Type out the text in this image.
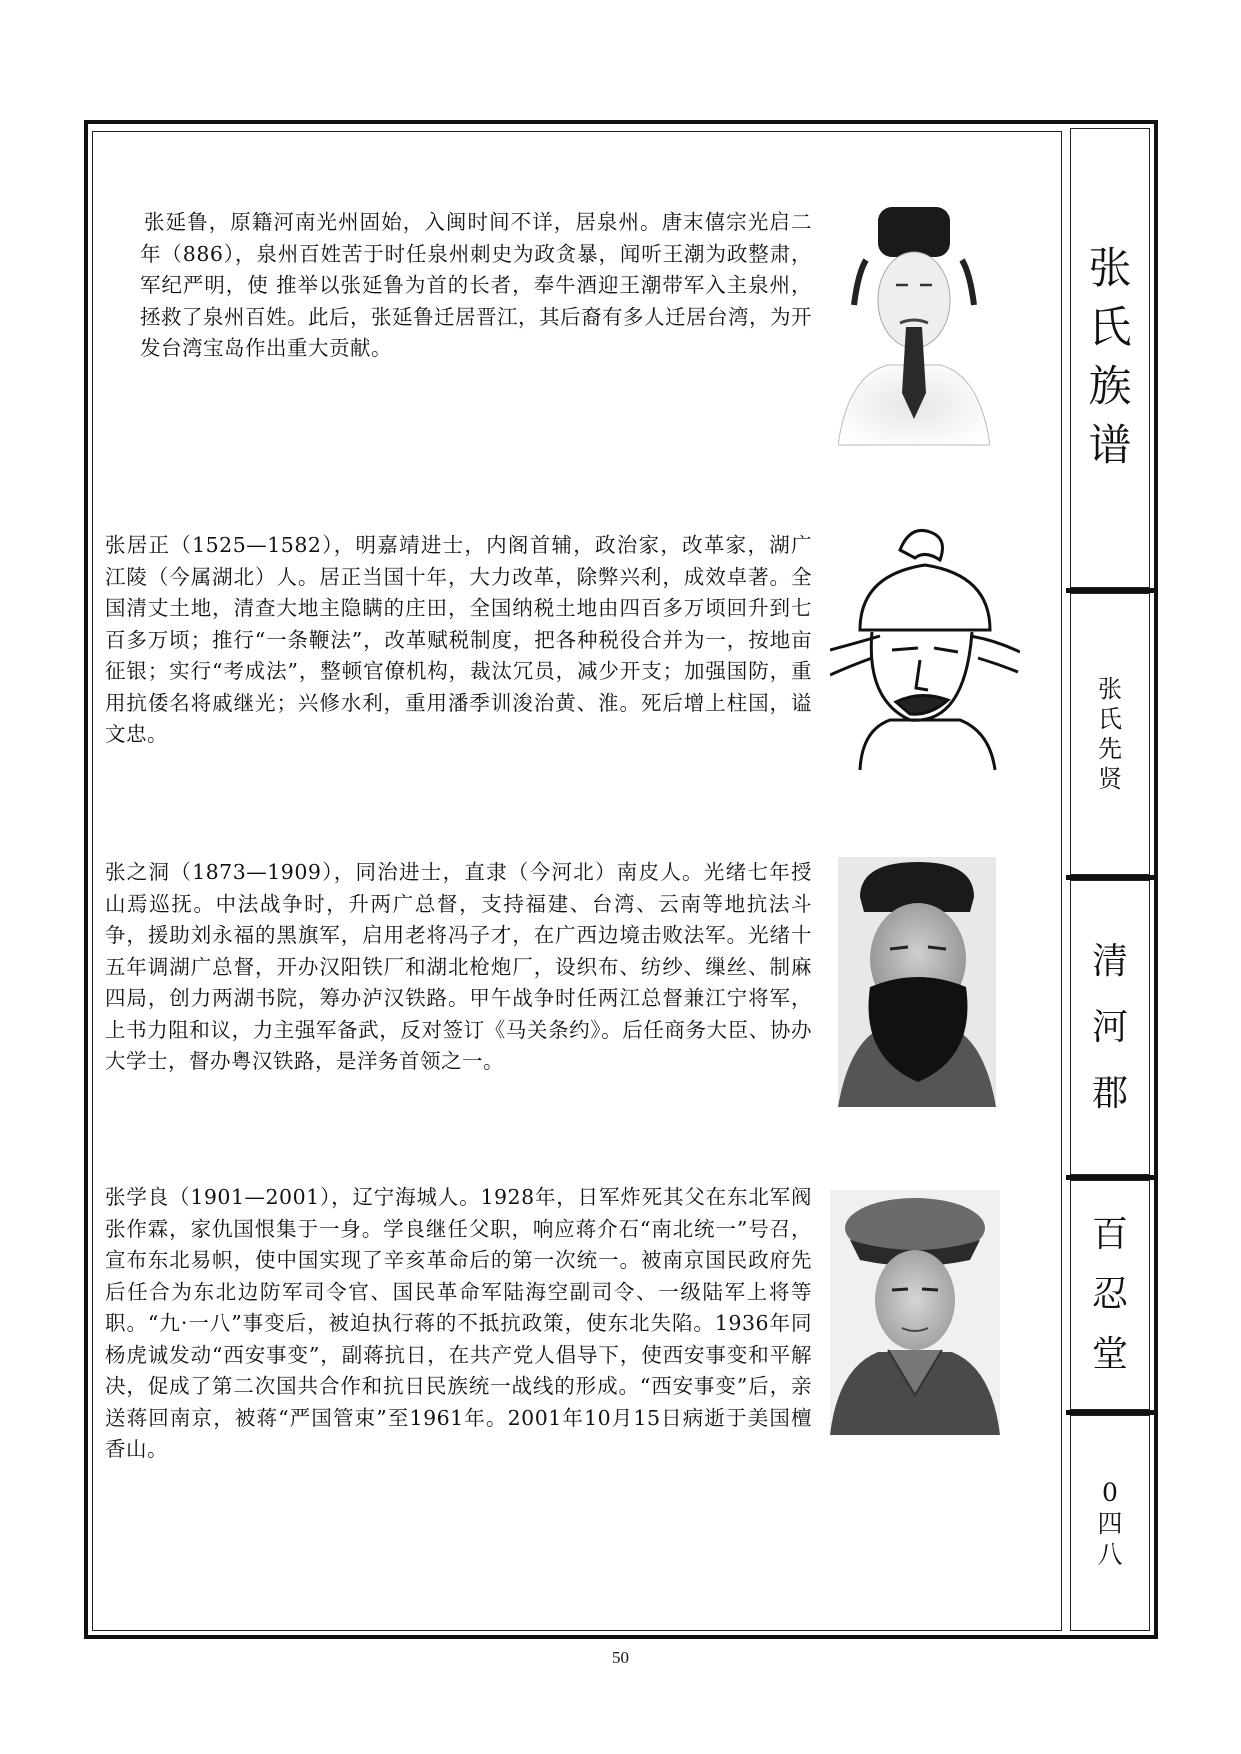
张
氏
族
谱
张
氏
先
贤
清
河
郡
百
忍
堂
0
四
八
张延鲁，原籍河南光州固始，入闽时间不详，居泉州。唐末僖宗光启二年（886），泉州百姓苦于时任泉州刺史为政贪暴，闻听王潮为政整肃，军纪严明，使 推举以张延鲁为首的长者，奉牛酒迎王潮带军入主泉州，拯救了泉州百姓。此后，张延鲁迁居晋江，其后裔有多人迁居台湾，为开发台湾宝岛作出重大贡献。
张居正（1525—1582），明嘉靖进士，内阁首辅，政治家，改革家，湖广江陵（今属湖北）人。居正当国十年，大力改革，除弊兴利，成效卓著。全国清丈土地，清查大地主隐瞒的庄田，全国纳税土地由四百多万顷回升到七百多万顷；推行“一条鞭法”，改革赋税制度，把各种税役合并为一，按地亩征银；实行“考成法”，整顿官僚机构，裁汰冗员，减少开支；加强国防，重用抗倭名将戚继光；兴修水利，重用潘季训浚治黄、淮。死后增上柱国，谥文忠。
张之洞（1873—1909），同治进士，直隶（今河北）南皮人。光绪七年授山焉巡抚。中法战争时，升两广总督，支持福建、台湾、云南等地抗法斗争，援助刘永福的黑旗军，启用老将冯子才，在广西边境击败法军。光绪十五年调湖广总督，开办汉阳铁厂和湖北枪炮厂，设织布、纺纱、缫丝、制麻四局，创力两湖书院，筹办泸汉铁路。甲午战争时任两江总督兼江宁将军，上书力阻和议，力主强军备武，反对签订《马关条约》。后任商务大臣、协办大学士，督办粤汉铁路，是洋务首领之一。
张学良（1901—2001），辽宁海城人。1928年，日军炸死其父在东北军阀张作霖，家仇国恨集于一身。学良继任父职，响应蒋介石“南北统一”号召，宣布东北易帜，使中国实现了辛亥革命后的第一次统一。被南京国民政府先后任合为东北边防军司令官、国民革命军陆海空副司令、一级陆军上将等职。“九·一八”事变后，被迫执行蒋的不抵抗政策，使东北失陷。1936年同杨虎诚发动“西安事变”，副蒋抗日，在共产党人倡导下，使西安事变和平解决，促成了第二次国共合作和抗日民族统一战线的形成。“西安事变”后，亲送蒋回南京，被蒋“严国管束”至1961年。2001年10月15日病逝于美国檀香山。
50
